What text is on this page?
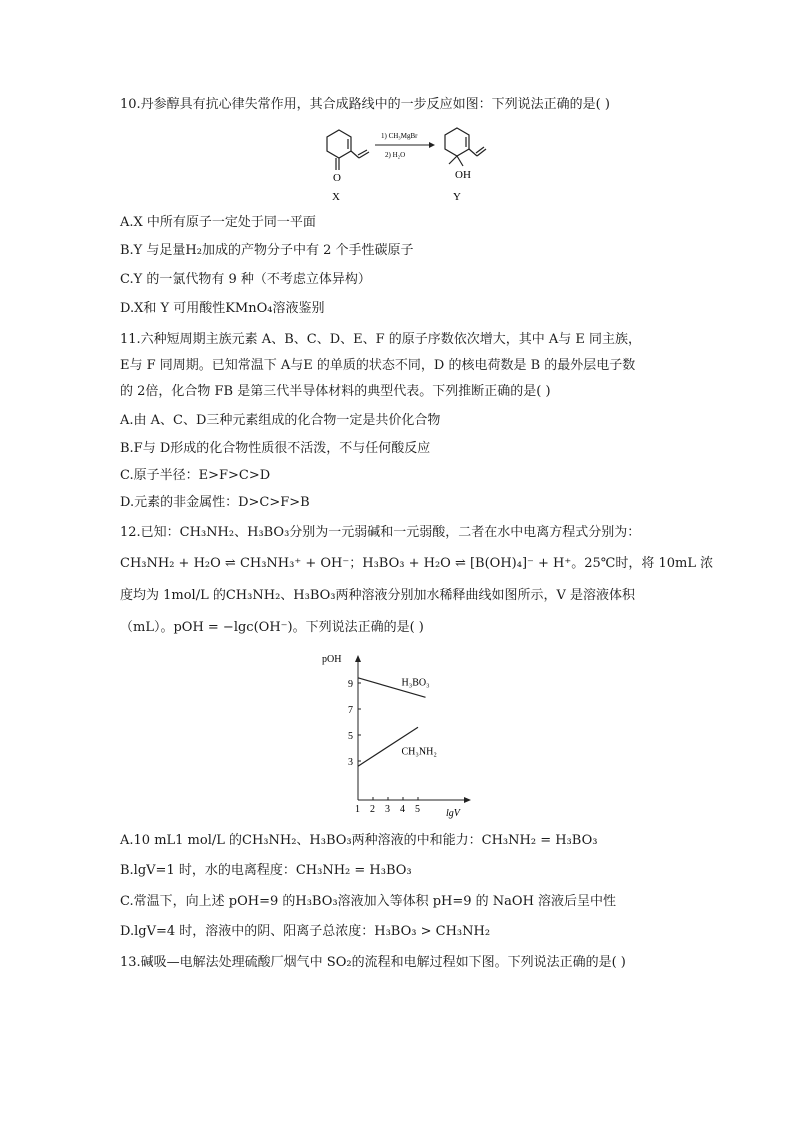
10.丹参醇具有抗心律失常作用，其合成路线中的一步反应如图：下列说法正确的是( )
O
X
1) CH₃MgBr
2) H₂O
OH
Y
A.X 中所有原子一定处于同一平面
B.Y 与足量H₂加成的产物分子中有 2 个手性碳原子
C.Y 的一氯代物有 9 种（不考虑立体异构）
D.X和 Y 可用酸性KMnO₄溶液鉴别
11.六种短周期主族元素 A、B、C、D、E、F 的原子序数依次增大，其中 A与 E 同主族，
E与 F 同周期。已知常温下 A与E 的单质的状态不同，D 的核电荷数是 B 的最外层电子数
的 2倍，化合物 FB 是第三代半导体材料的典型代表。下列推断正确的是( )
A.由 A、C、D三种元素组成的化合物一定是共价化合物
B.F与 D形成的化合物性质很不活泼，不与任何酸反应
C.原子半径：E>F>C>D
D.元素的非金属性：D>C>F>B
12.已知：CH₃NH₂、H₃BO₃分别为一元弱碱和一元弱酸，二者在水中电离方程式分别为：
CH₃NH₂ + H₂O ⇌ CH₃NH₃⁺ + OH⁻；H₃BO₃ + H₂O ⇌ [B(OH)₄]⁻ + H⁺。25℃时，将 10mL 浓
度均为 1mol/L 的CH₃NH₂、H₃BO₃两种溶液分别加水稀释曲线如图所示，V 是溶液体积
（mL）。pOH = −lgc(OH⁻)。下列说法正确的是( )
1 2 3 4 5
3
5
7
9
pOH
lgV
H₃BO₃
CH₃NH₂
A.10 mL1 mol/L 的CH₃NH₂、H₃BO₃两种溶液的中和能力：CH₃NH₂ = H₃BO₃
B.lgV=1 时，水的电离程度：CH₃NH₂ = H₃BO₃
C.常温下，向上述 pOH=9 的H₃BO₃溶液加入等体积 pH=9 的 NaOH 溶液后呈中性
D.lgV=4 时，溶液中的阴、阳离子总浓度：H₃BO₃ > CH₃NH₂
13.碱吸—电解法处理硫酸厂烟气中 SO₂的流程和电解过程如下图。下列说法正确的是( )
